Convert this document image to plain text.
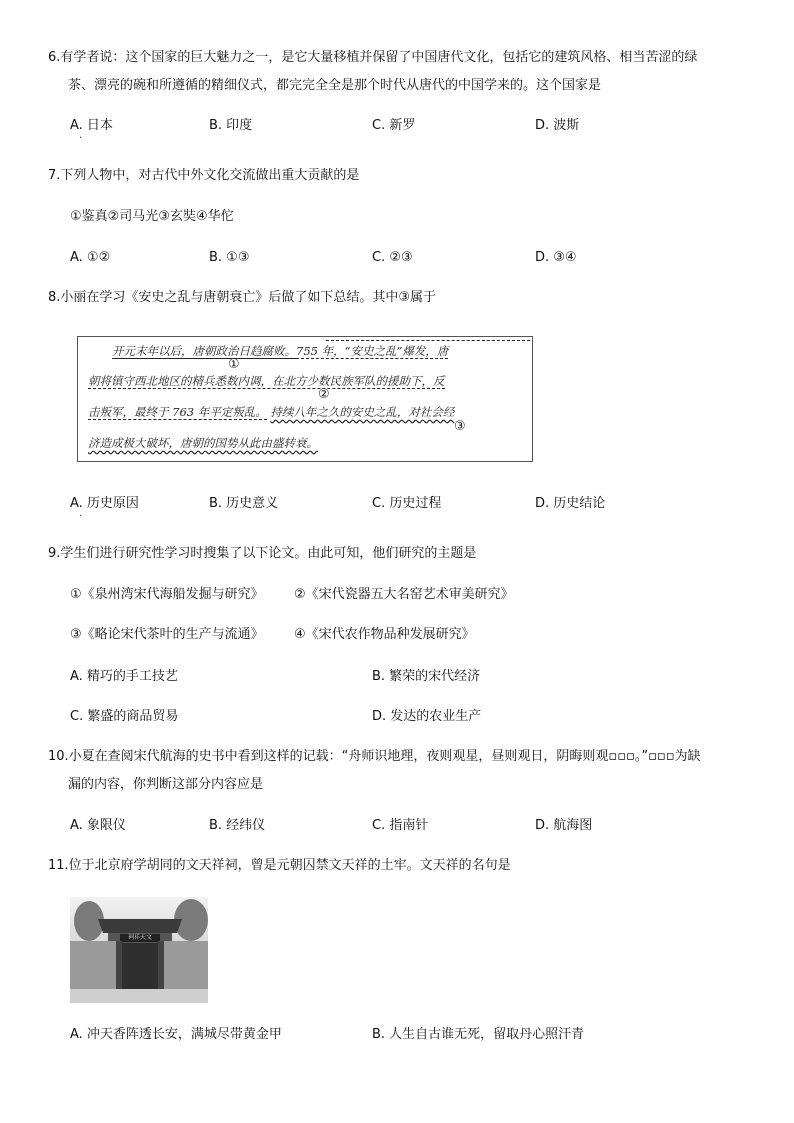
6.有学者说：这个国家的巨大魅力之一，是它大量移植并保留了中国唐代文化，包括它的建筑风格、相当苦涩的绿
茶、漂亮的碗和所遵循的精细仪式，都完完全全是那个时代从唐代的中国学来的。这个国家是
A. 日本	B. 印度	C. 新罗	D. 波斯
·
7.下列人物中，对古代中外文化交流做出重大贡献的是
①鉴真②司马光③玄奘④华佗
A. ①②	B. ①③	C. ②③	D. ③④
8.小丽在学习《安史之乱与唐朝衰亡》后做了如下总结。其中③属于
开元末年以后，唐朝政治日趋腐败。755 年，“安史之乱”爆发，唐
①
朝将镇守西北地区的精兵悉数内调，在北方少数民族军队的援助下，反
②
击叛军，最终于 763 年平定叛乱。 持续八年之久的安史之乱，对社会经
③
济造成极大破坏，唐朝的国势从此由盛转衰。
A. 历史原因	B. 历史意义	C. 历史过程	D. 历史结论
·
9.学生们进行研究性学习时搜集了以下论文。由此可知，他们研究的主题是
①《泉州湾宋代海船发掘与研究》 ②《宋代瓷器五大名窑艺术审美研究》
③《略论宋代茶叶的生产与流通》 ④《宋代农作物品种发展研究》
A. 精巧的手工技艺	B. 繁荣的宋代经济
C. 繁盛的商品贸易	D. 发达的农业生产
10.小夏在查阅宋代航海的史书中看到这样的记载：“舟师识地理，夜则观星，昼则观日，阴晦则观▫▫▫。”▫▫▫为缺
漏的内容，你判断这部分内容应是
A. 象限仪	B. 经纬仪	C. 指南针	D. 航海图
11.位于北京府学胡同的文天祥祠，曾是元朝囚禁文天祥的土牢。文天祥的名句是
祠祥天文
A. 冲天香阵透长安，满城尽带黄金甲	B. 人生自古谁无死，留取丹心照汗青
